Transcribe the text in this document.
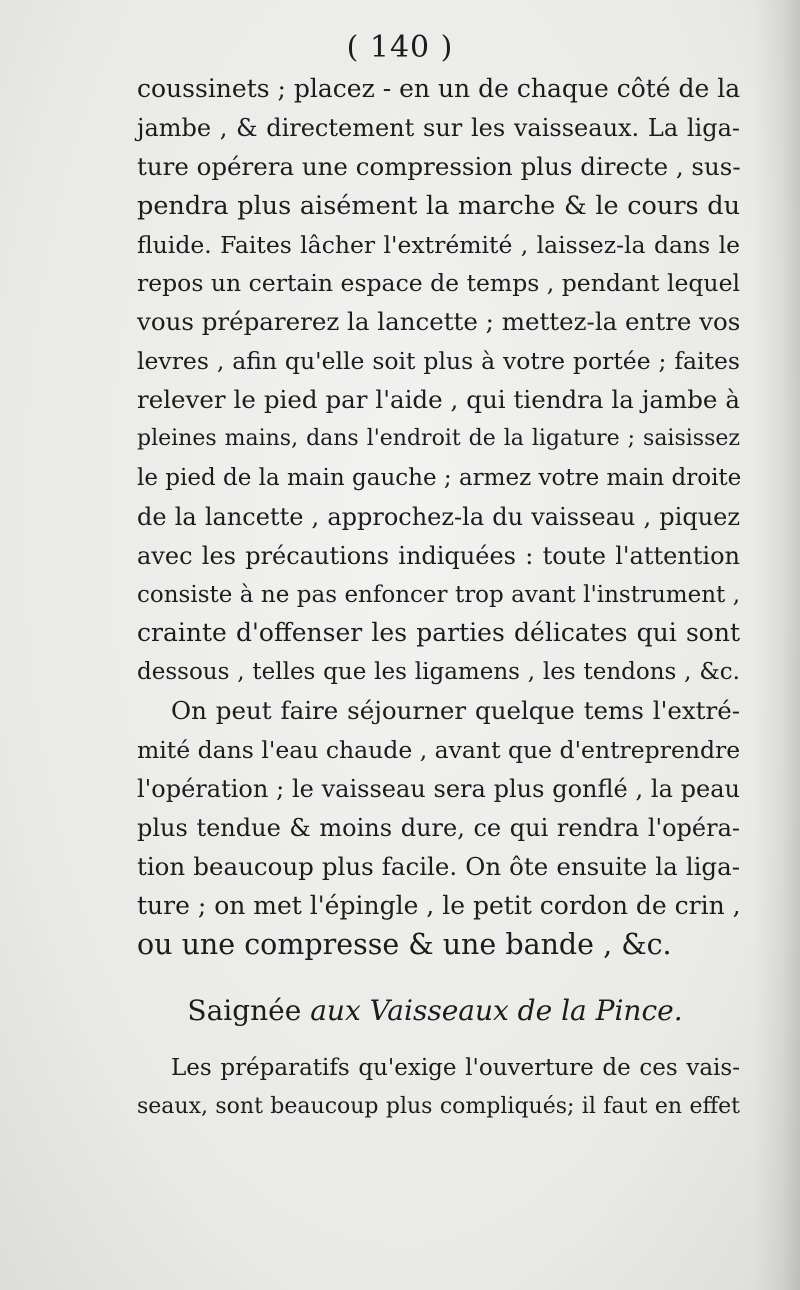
( 140 )
coussinets ; placez - en un de chaque côté de la
jambe , & directement sur les vaisseaux. La liga-
ture opérera une compression plus directe , sus-
pendra plus aisément la marche & le cours du
fluide. Faites lâcher l'extrémité , laissez-la dans le
repos un certain espace de temps , pendant lequel
vous préparerez la lancette ; mettez-la entre vos
levres , afin qu'elle soit plus à votre portée ; faites
relever le pied par l'aide , qui tiendra la jambe à
pleines mains, dans l'endroit de la ligature ; saisissez
le pied de la main gauche ; armez votre main droite
de la lancette , approchez-la du vaisseau , piquez
avec les précautions indiquées : toute l'attention
consiste à ne pas enfoncer trop avant l'instrument ,
crainte d'offenser les parties délicates qui sont
dessous , telles que les ligamens , les tendons , &c.
On peut faire séjourner quelque tems l'extré-
mité dans l'eau chaude , avant que d'entreprendre
l'opération ; le vaisseau sera plus gonflé , la peau
plus tendue & moins dure, ce qui rendra l'opéra-
tion beaucoup plus facile. On ôte ensuite la liga-
ture ; on met l'épingle , le petit cordon de crin ,
ou une compresse & une bande , &c.
Saignée aux Vaisseaux de la Pince.
Les préparatifs qu'exige l'ouverture de ces vais-
seaux, sont beaucoup plus compliqués; il faut en effet
